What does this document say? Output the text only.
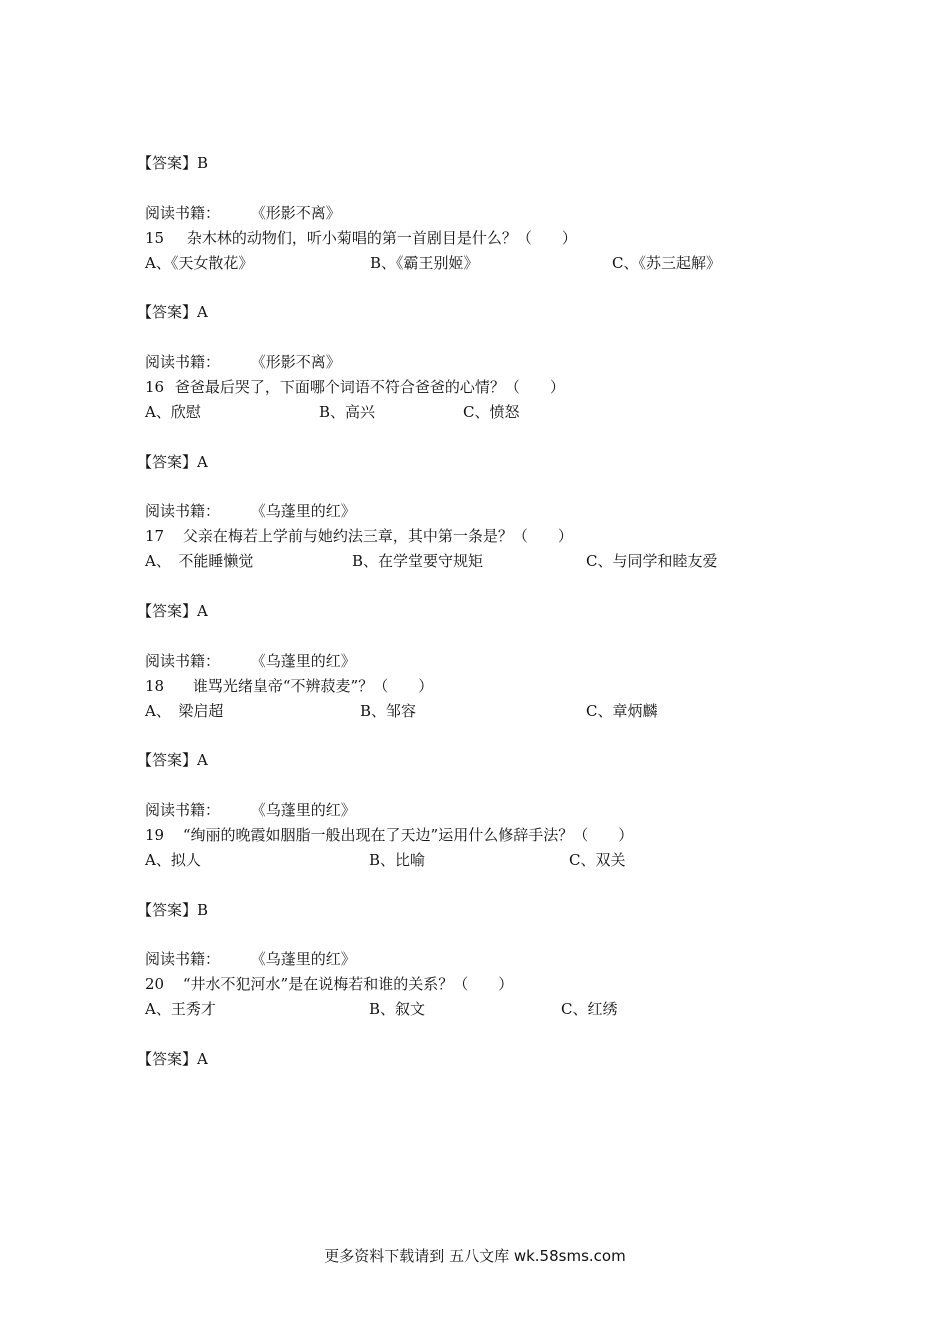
【答案】B
阅读书籍： 《形影不离》
15 杂木林的动物们，听小菊唱的第一首剧目是什么？（　　）
A、《天女散花》	B、《霸王别姬》	C、《苏三起解》
【答案】A
阅读书籍： 《形影不离》
16 爸爸最后哭了，下面哪个词语不符合爸爸的心情？（　　）
A、欣慰	B、高兴	C、愤怒
【答案】A
阅读书籍： 《乌蓬里的红》
17 父亲在梅若上学前与她约法三章，其中第一条是？（　　）
A、　不能睡懒觉	B、在学堂要守规矩	C、与同学和睦友爱
【答案】A
阅读书籍： 《乌蓬里的红》
18 谁骂光绪皇帝“不辨菽麦”？（　　）
A、　梁启超	B、邹容	C、章炳麟
【答案】A
阅读书籍： 《乌蓬里的红》
19 “绚丽的晚霞如胭脂一般出现在了天边”运用什么修辞手法？（　　）
A、拟人	B、比喻	C、双关
【答案】B
阅读书籍： 《乌蓬里的红》
20 “井水不犯河水”是在说梅若和谁的关系？（　　）
A、王秀才	B、叙文	C、红绣
【答案】A
更多资料下载请到 五八文库 wk.58sms.com
